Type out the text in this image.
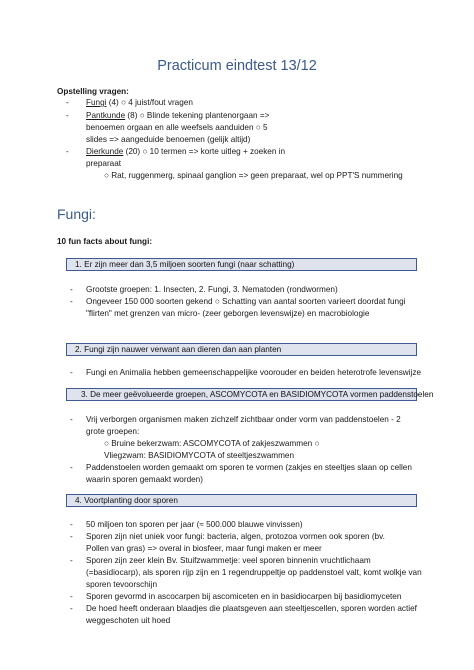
Practicum eindtest 13/12
Opstelling vragen:
- Fungi (4) ○ 4 juist/fout vragen
- Pantkunde (8) ○ Blinde tekening plantenorgaan =>
benoemen orgaan en alle weefsels aanduiden ○ 5
slides => aangeduide benoemen (gelijk altijd)
- Dierkunde (20) ○ 10 termen => korte uitleg + zoeken in
preparaat
○ Rat, ruggenmerg, spinaal ganglion => geen preparaat, wel op PPT'S nummering
Fungi:
10 fun facts about fungi:
1. Er zijn meer dan 3,5 miljoen soorten fungi (naar schatting)
- Grootste groepen: 1. Insecten, 2. Fungi, 3. Nematoden (rondwormen)
- Ongeveer 150 000 soorten gekend ○ Schatting van aantal soorten varieert doordat fungi
"flirten" met grenzen van micro- (zeer geborgen levenswijze) en macrobiologie
2. Fungi zijn nauwer verwant aan dieren dan aan planten
- Fungi en Animalia hebben gemeenschappelijke voorouder en beiden heterotrofe levenswijze
3. De meer geëvolueerde groepen, ASCOMYCOTA en BASIDIOMYCOTA vormen paddenstoelen
- Vrij verborgen organismen maken zichzelf zichtbaar onder vorm van paddenstoelen - 2
grote groepen:
○ Bruine bekerzwam: ASCOMYCOTA of zakjeszwammen ○
Vliegzwam: BASIDIOMYCOTA of steeltjeszwammen
- Paddenstoelen worden gemaakt om sporen te vormen (zakjes en steeltjes slaan op cellen
waarin sporen gemaakt worden)
4. Voortplanting door sporen
- 50 miljoen ton sporen per jaar (≈ 500.000 blauwe vinvissen)
- Sporen zijn niet uniek voor fungi: bacteria, algen, protozoa vormen ook sporen (bv.
Pollen van gras) => overal in biosfeer, maar fungi maken er meer
- Sporen zijn zeer klein Bv. Stuifzwammetje: veel sporen binnenin vruchtlichaam
(=basidiocarp), als sporen rijp zijn en 1 regendruppeltje op paddenstoel valt, komt wolkje van
sporen tevoorschijn
- Sporen gevormd in ascocarpen bij ascomiceten en in basidiocarpen bij basidiomyceten
- De hoed heeft onderaan blaadjes die plaatsgeven aan steeltjescellen, sporen worden actief
weggeschoten uit hoed
